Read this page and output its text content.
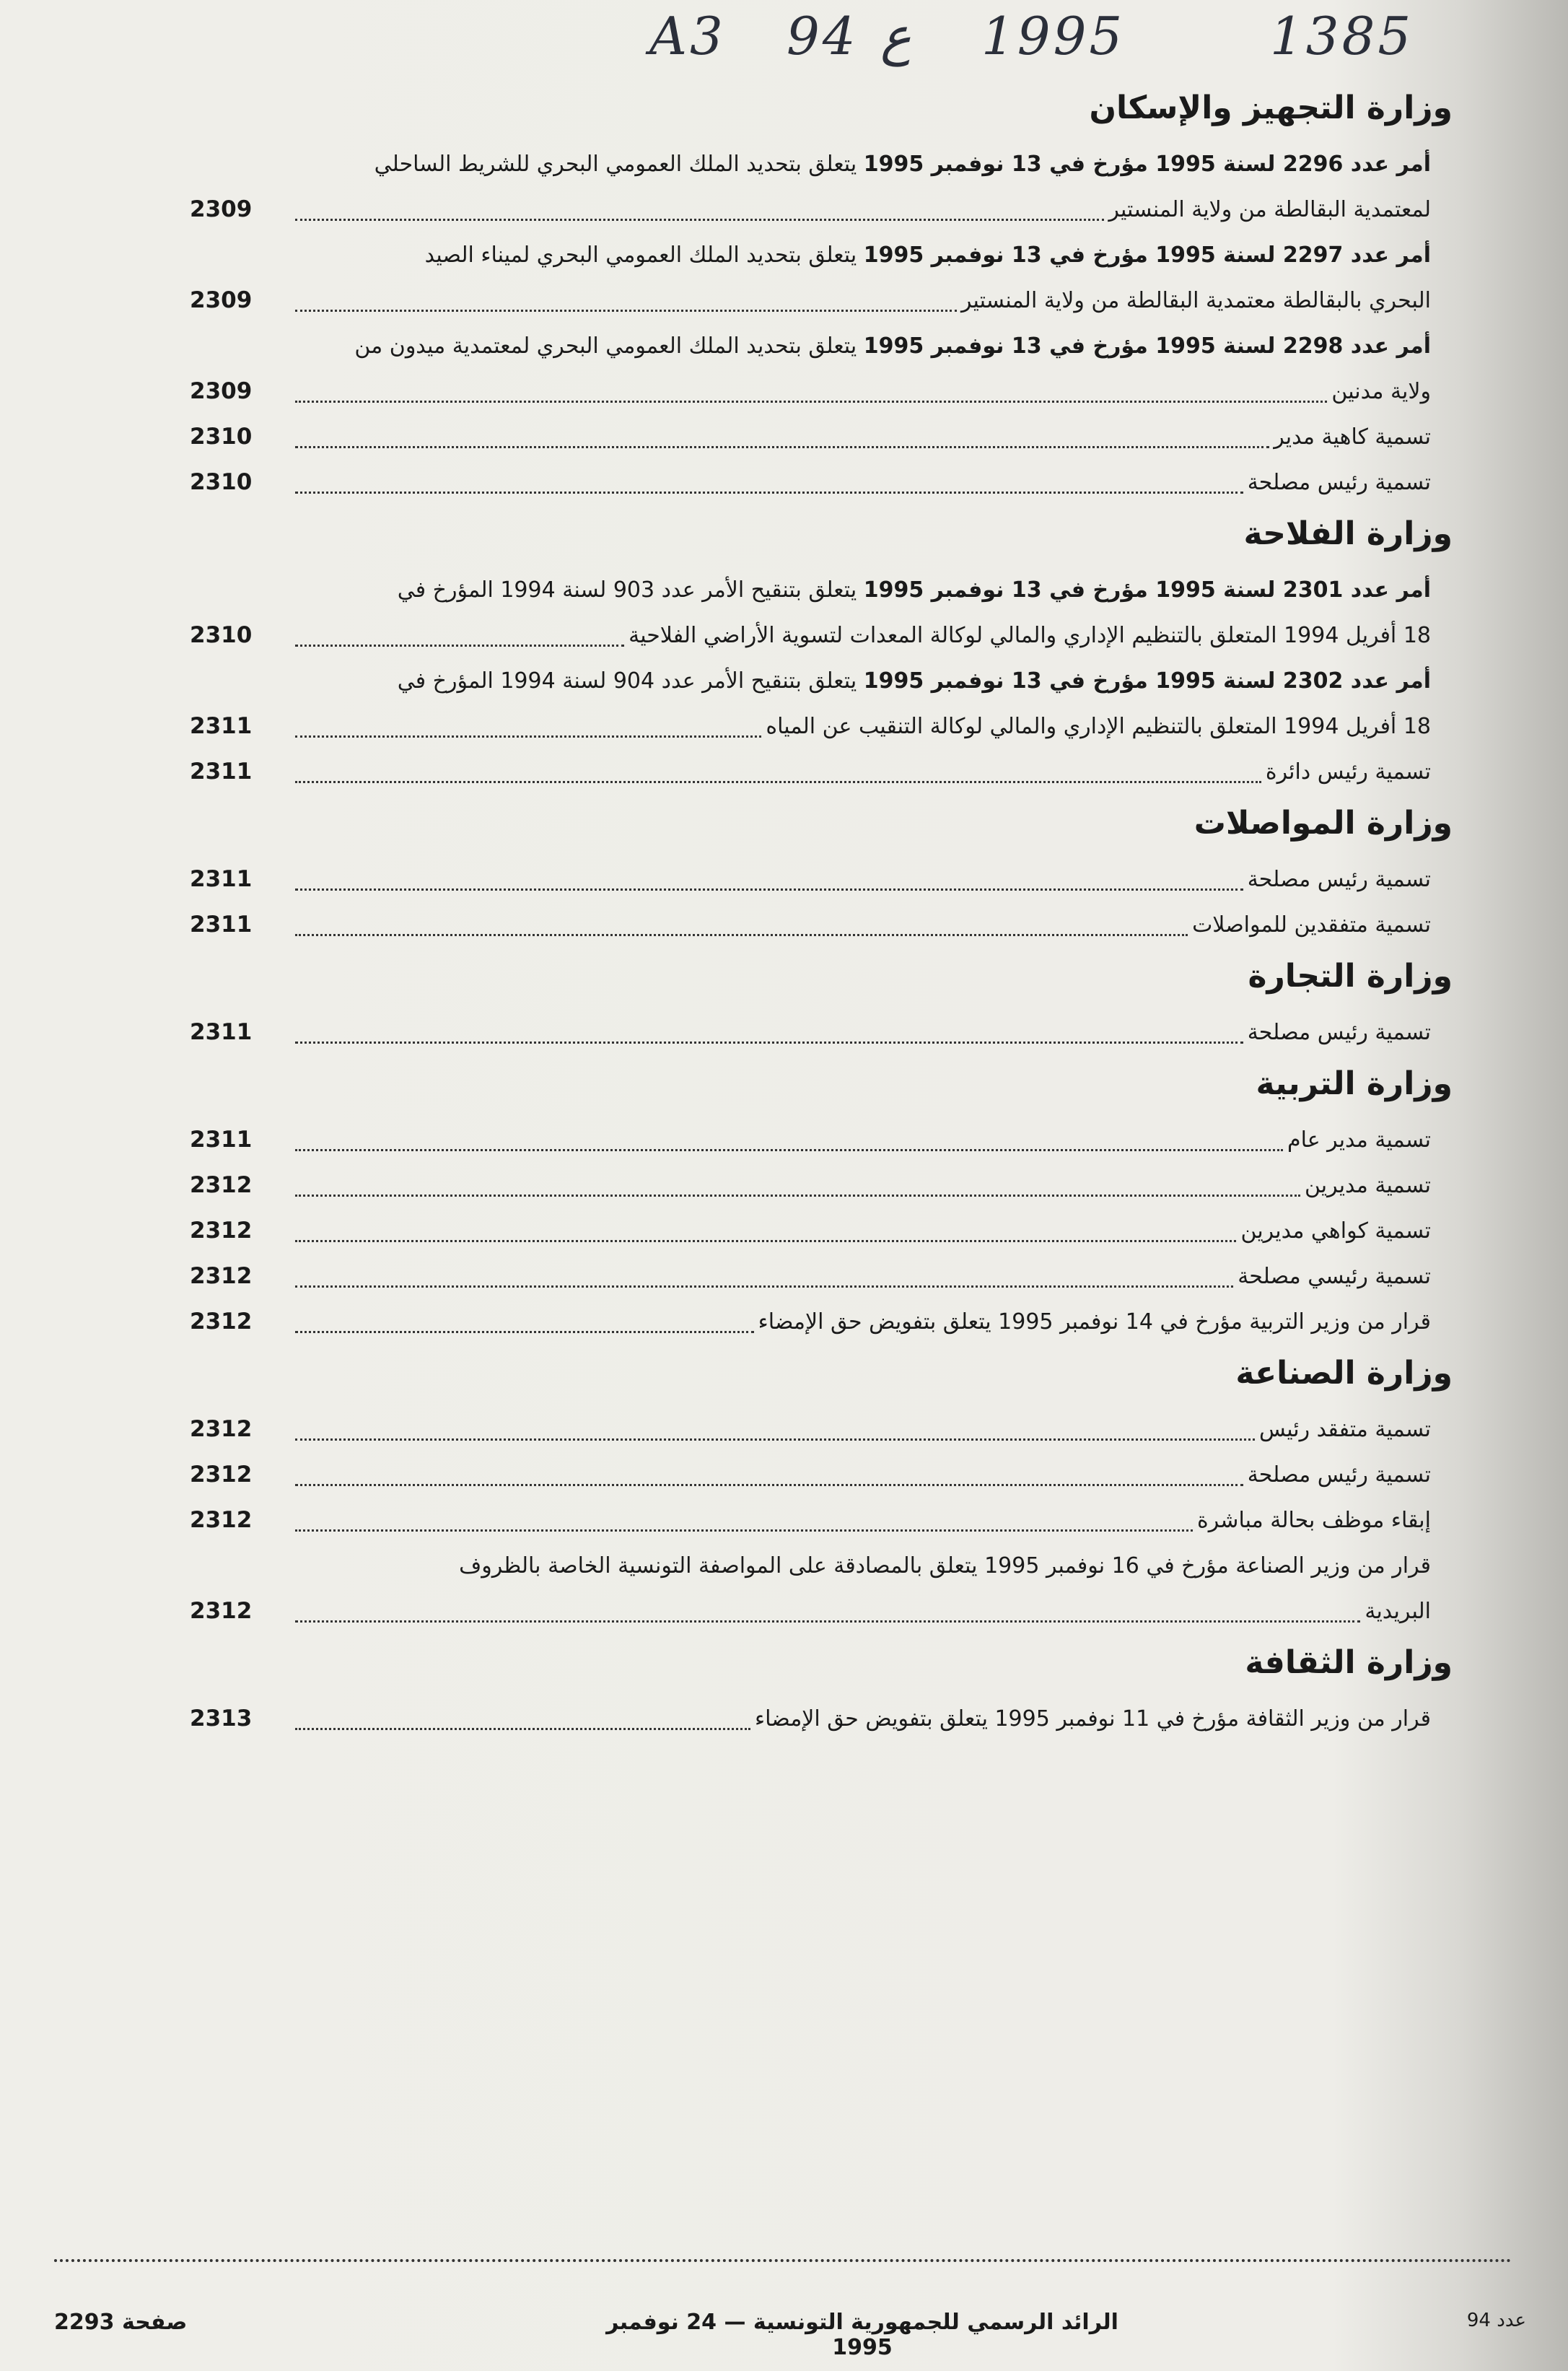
A3 94 ع 1995	1385
وزارة التجهيز والإسكان
أمر عدد 2296 لسنة 1995 مؤرخ في 13 نوفمبر 1995 يتعلق بتحديد الملك العمومي البحري للشريط الساحلي
لمعتمدية البقالطة من ولاية المنستير
2309
أمر عدد 2297 لسنة 1995 مؤرخ في 13 نوفمبر 1995 يتعلق بتحديد الملك العمومي البحري لميناء الصيد
البحري بالبقالطة معتمدية البقالطة من ولاية المنستير
2309
أمر عدد 2298 لسنة 1995 مؤرخ في 13 نوفمبر 1995 يتعلق بتحديد الملك العمومي البحري لمعتمدية ميدون من
ولاية مدنين
2309
تسمية كاهية مدير
2310
تسمية رئيس مصلحة
2310
وزارة الفلاحة
أمر عدد 2301 لسنة 1995 مؤرخ في 13 نوفمبر 1995 يتعلق بتنقيح الأمر عدد 903 لسنة 1994 المؤرخ في
18 أفريل 1994 المتعلق بالتنظيم الإداري والمالي لوكالة المعدات لتسوية الأراضي الفلاحية
2310
أمر عدد 2302 لسنة 1995 مؤرخ في 13 نوفمبر 1995 يتعلق بتنقيح الأمر عدد 904 لسنة 1994 المؤرخ في
18 أفريل 1994 المتعلق بالتنظيم الإداري والمالي لوكالة التنقيب عن المياه
2311
تسمية رئيس دائرة
2311
وزارة المواصلات
تسمية رئيس مصلحة
2311
تسمية متفقدين للمواصلات
2311
وزارة التجارة
تسمية رئيس مصلحة
2311
وزارة التربية
تسمية مدير عام
2311
تسمية مديرين
2312
تسمية كواهي مديرين
2312
تسمية رئيسي مصلحة
2312
قرار من وزير التربية مؤرخ في 14 نوفمبر 1995 يتعلق بتفويض حق الإمضاء
2312
وزارة الصناعة
تسمية متفقد رئيس
2312
تسمية رئيس مصلحة
2312
إبقاء موظف بحالة مباشرة
2312
قرار من وزير الصناعة مؤرخ في 16 نوفمبر 1995 يتعلق بالمصادقة على المواصفة التونسية الخاصة بالظروف
البريدية
2312
وزارة الثقافة
قرار من وزير الثقافة مؤرخ في 11 نوفمبر 1995 يتعلق بتفويض حق الإمضاء
2313
صفحة 2293	الرائد الرسمي للجمهورية التونسية — 24 نوفمبر 1995
عدد 94
